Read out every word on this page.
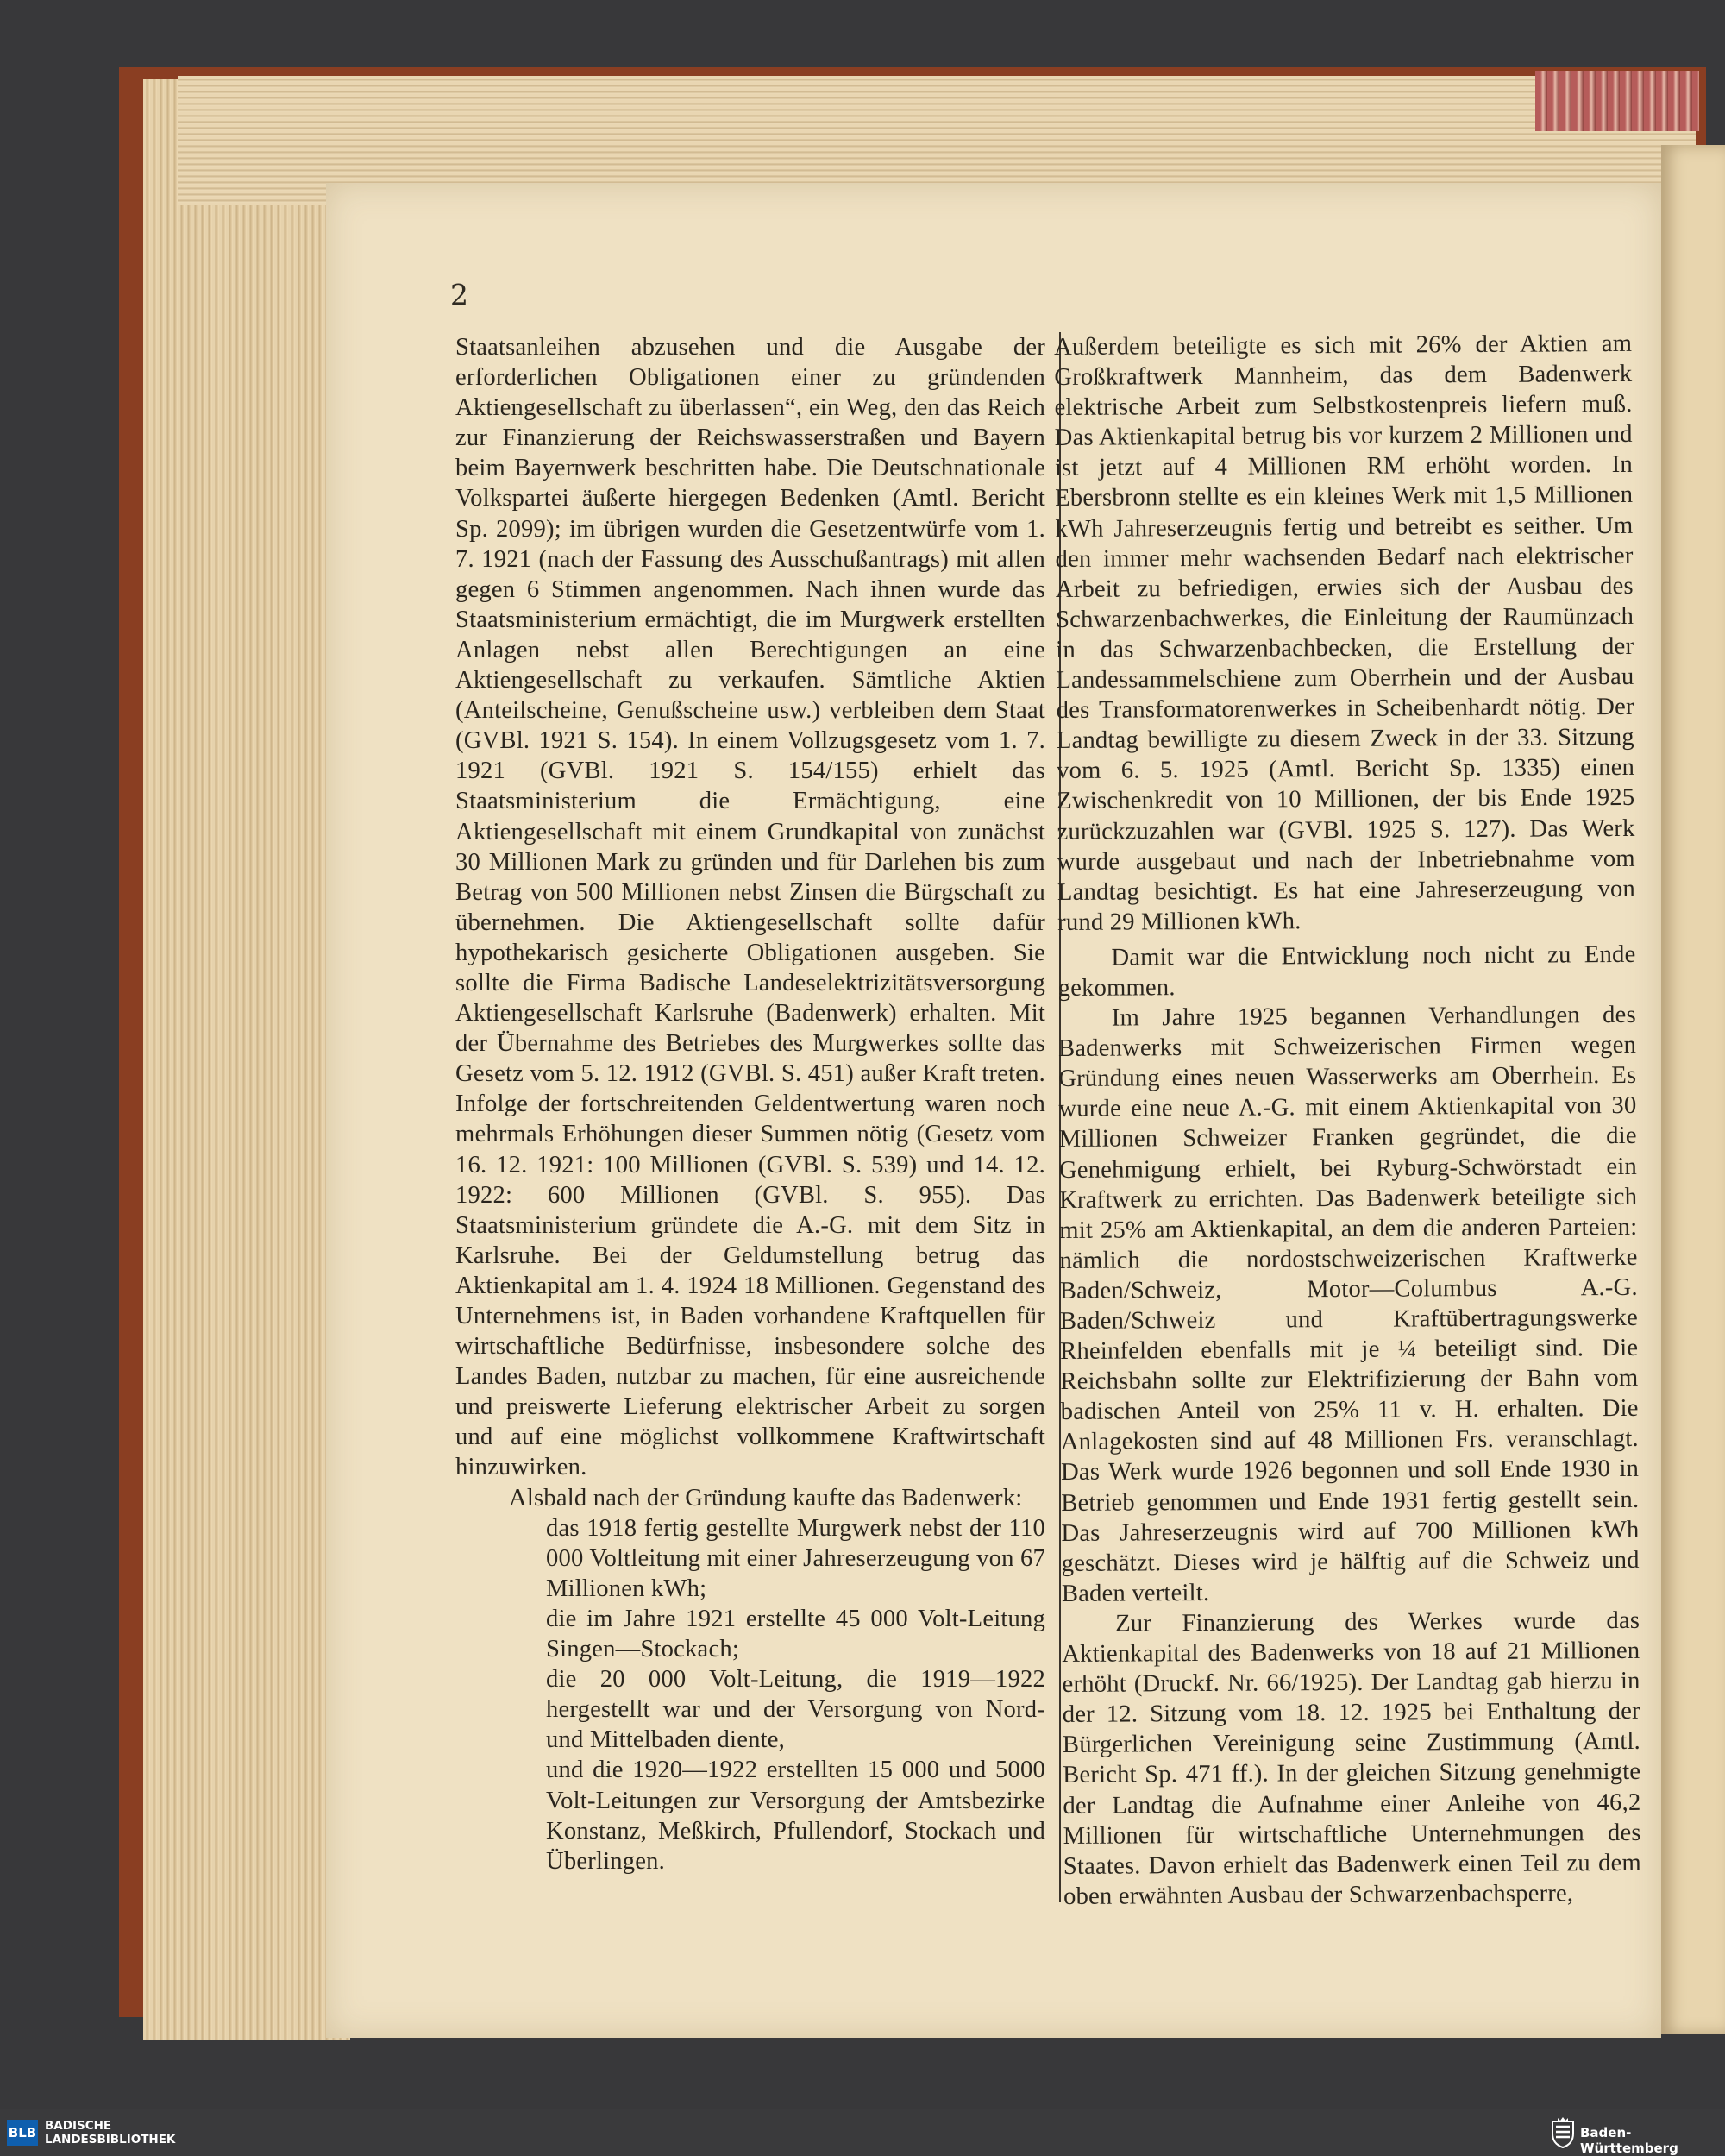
2

Staatsanleihen abzusehen und die Ausgabe der erforderlichen Obligationen einer zu gründenden Aktiengesellschaft zu überlassen“, ein Weg, den das Reich zur Finanzierung der Reichswasserstraßen und Bayern beim Bayernwerk beschritten habe. Die Deutschnationale Volkspartei äußerte hiergegen Bedenken (Amtl. Bericht Sp. 2099); im übrigen wurden die Gesetzentwürfe vom 1. 7. 1921 (nach der Fassung des Ausschußantrags) mit allen gegen 6 Stimmen angenommen. Nach ihnen wurde das Staatsministerium ermächtigt, die im Murgwerk erstellten Anlagen nebst allen Berechtigungen an eine Aktiengesellschaft zu verkaufen. Sämtliche Aktien (Anteilscheine, Genußscheine usw.) verbleiben dem Staat (GVBl. 1921 S. 154). In einem Vollzugsgesetz vom 1. 7. 1921 (GVBl. 1921 S. 154/155) erhielt das Staatsministerium die Ermächtigung, eine Aktiengesellschaft mit einem Grundkapital von zunächst 30 Millionen Mark zu gründen und für Darlehen bis zum Betrag von 500 Millionen nebst Zinsen die Bürgschaft zu übernehmen. Die Aktiengesellschaft sollte dafür hypothekarisch gesicherte Obligationen ausgeben. Sie sollte die Firma Badische Landeselektrizitätsversorgung Aktiengesellschaft Karlsruhe (Badenwerk) erhalten. Mit der Übernahme des Betriebes des Murgwerkes sollte das Gesetz vom 5. 12. 1912 (GVBl. S. 451) außer Kraft treten. Infolge der fortschreitenden Geldentwertung waren noch mehrmals Erhöhungen dieser Summen nötig (Gesetz vom 16. 12. 1921: 100 Millionen (GVBl. S. 539) und 14. 12. 1922: 600 Millionen (GVBl. S. 955). Das Staatsministerium gründete die A.-G. mit dem Sitz in Karlsruhe. Bei der Geldumstellung betrug das Aktienkapital am 1. 4. 1924 18 Millionen. Gegenstand des Unternehmens ist, in Baden vorhandene Kraftquellen für wirtschaftliche Bedürfnisse, insbesondere solche des Landes Baden, nutzbar zu machen, für eine ausreichende und preiswerte Lieferung elektrischer Arbeit zu sorgen und auf eine möglichst vollkommene Kraftwirtschaft hinzuwirken.

Alsbald nach der Gründung kaufte das Badenwerk:

das 1918 fertig gestellte Murgwerk nebst der 110 000 Voltleitung mit einer Jahreserzeugung von 67 Millionen kWh;

die im Jahre 1921 erstellte 45 000 Volt-Leitung Singen—Stockach;

die 20 000 Volt-Leitung, die 1919—1922 hergestellt war und der Versorgung von Nord- und Mittelbaden diente,

und die 1920—1922 erstellten 15 000 und 5000 Volt-Leitungen zur Versorgung der Amtsbezirke Konstanz, Meßkirch, Pfullendorf, Stockach und Überlingen.

Außerdem beteiligte es sich mit 26% der Aktien am Großkraftwerk Mannheim, das dem Badenwerk elektrische Arbeit zum Selbstkostenpreis liefern muß. Das Aktienkapital betrug bis vor kurzem 2 Millionen und ist jetzt auf 4 Millionen RM erhöht worden. In Ebersbronn stellte es ein kleines Werk mit 1,5 Millionen kWh Jahreserzeugnis fertig und betreibt es seither. Um den immer mehr wachsenden Bedarf nach elektrischer Arbeit zu befriedigen, erwies sich der Ausbau des Schwarzenbachwerkes, die Einleitung der Raumünzach in das Schwarzenbachbecken, die Erstellung der Landessammelschiene zum Oberrhein und der Ausbau des Transformatorenwerkes in Scheibenhardt nötig. Der Landtag bewilligte zu diesem Zweck in der 33. Sitzung vom 6. 5. 1925 (Amtl. Bericht Sp. 1335) einen Zwischenkredit von 10 Millionen, der bis Ende 1925 zurückzuzahlen war (GVBl. 1925 S. 127). Das Werk wurde ausgebaut und nach der Inbetriebnahme vom Landtag besichtigt. Es hat eine Jahreserzeugung von rund 29 Millionen kWh.

Damit war die Entwicklung noch nicht zu Ende gekommen.

Im Jahre 1925 begannen Verhandlungen des Badenwerks mit Schweizerischen Firmen wegen Gründung eines neuen Wasserwerks am Oberrhein. Es wurde eine neue A.-G. mit einem Aktienkapital von 30 Millionen Schweizer Franken gegründet, die die Genehmigung erhielt, bei Ryburg-Schwörstadt ein Kraftwerk zu errichten. Das Badenwerk beteiligte sich mit 25% am Aktienkapital, an dem die anderen Parteien: nämlich die nordostschweizerischen Kraftwerke Baden/Schweiz, Motor—Columbus A.-G. Baden/Schweiz und Kraftübertragungswerke Rheinfelden ebenfalls mit je ¼ beteiligt sind. Die Reichsbahn sollte zur Elektrifizierung der Bahn vom badischen Anteil von 25% 11 v. H. erhalten. Die Anlagekosten sind auf 48 Millionen Frs. veranschlagt. Das Werk wurde 1926 begonnen und soll Ende 1930 in Betrieb genommen und Ende 1931 fertig gestellt sein. Das Jahreserzeugnis wird auf 700 Millionen kWh geschätzt. Dieses wird je hälftig auf die Schweiz und Baden verteilt.

Zur Finanzierung des Werkes wurde das Aktienkapital des Badenwerks von 18 auf 21 Millionen erhöht (Druckf. Nr. 66/1925). Der Landtag gab hierzu in der 12. Sitzung vom 18. 12. 1925 bei Enthaltung der Bürgerlichen Vereinigung seine Zustimmung (Amtl. Bericht Sp. 471 ff.). In der gleichen Sitzung genehmigte der Landtag die Aufnahme einer Anleihe von 46,2 Millionen für wirtschaftliche Unternehmungen des Staates. Davon erhielt das Badenwerk einen Teil zu dem oben erwähnten Ausbau der Schwarzenbachsperre,

BLB BADISCHE
LANDESBIBLIOTHEK	Baden-Württemberg
